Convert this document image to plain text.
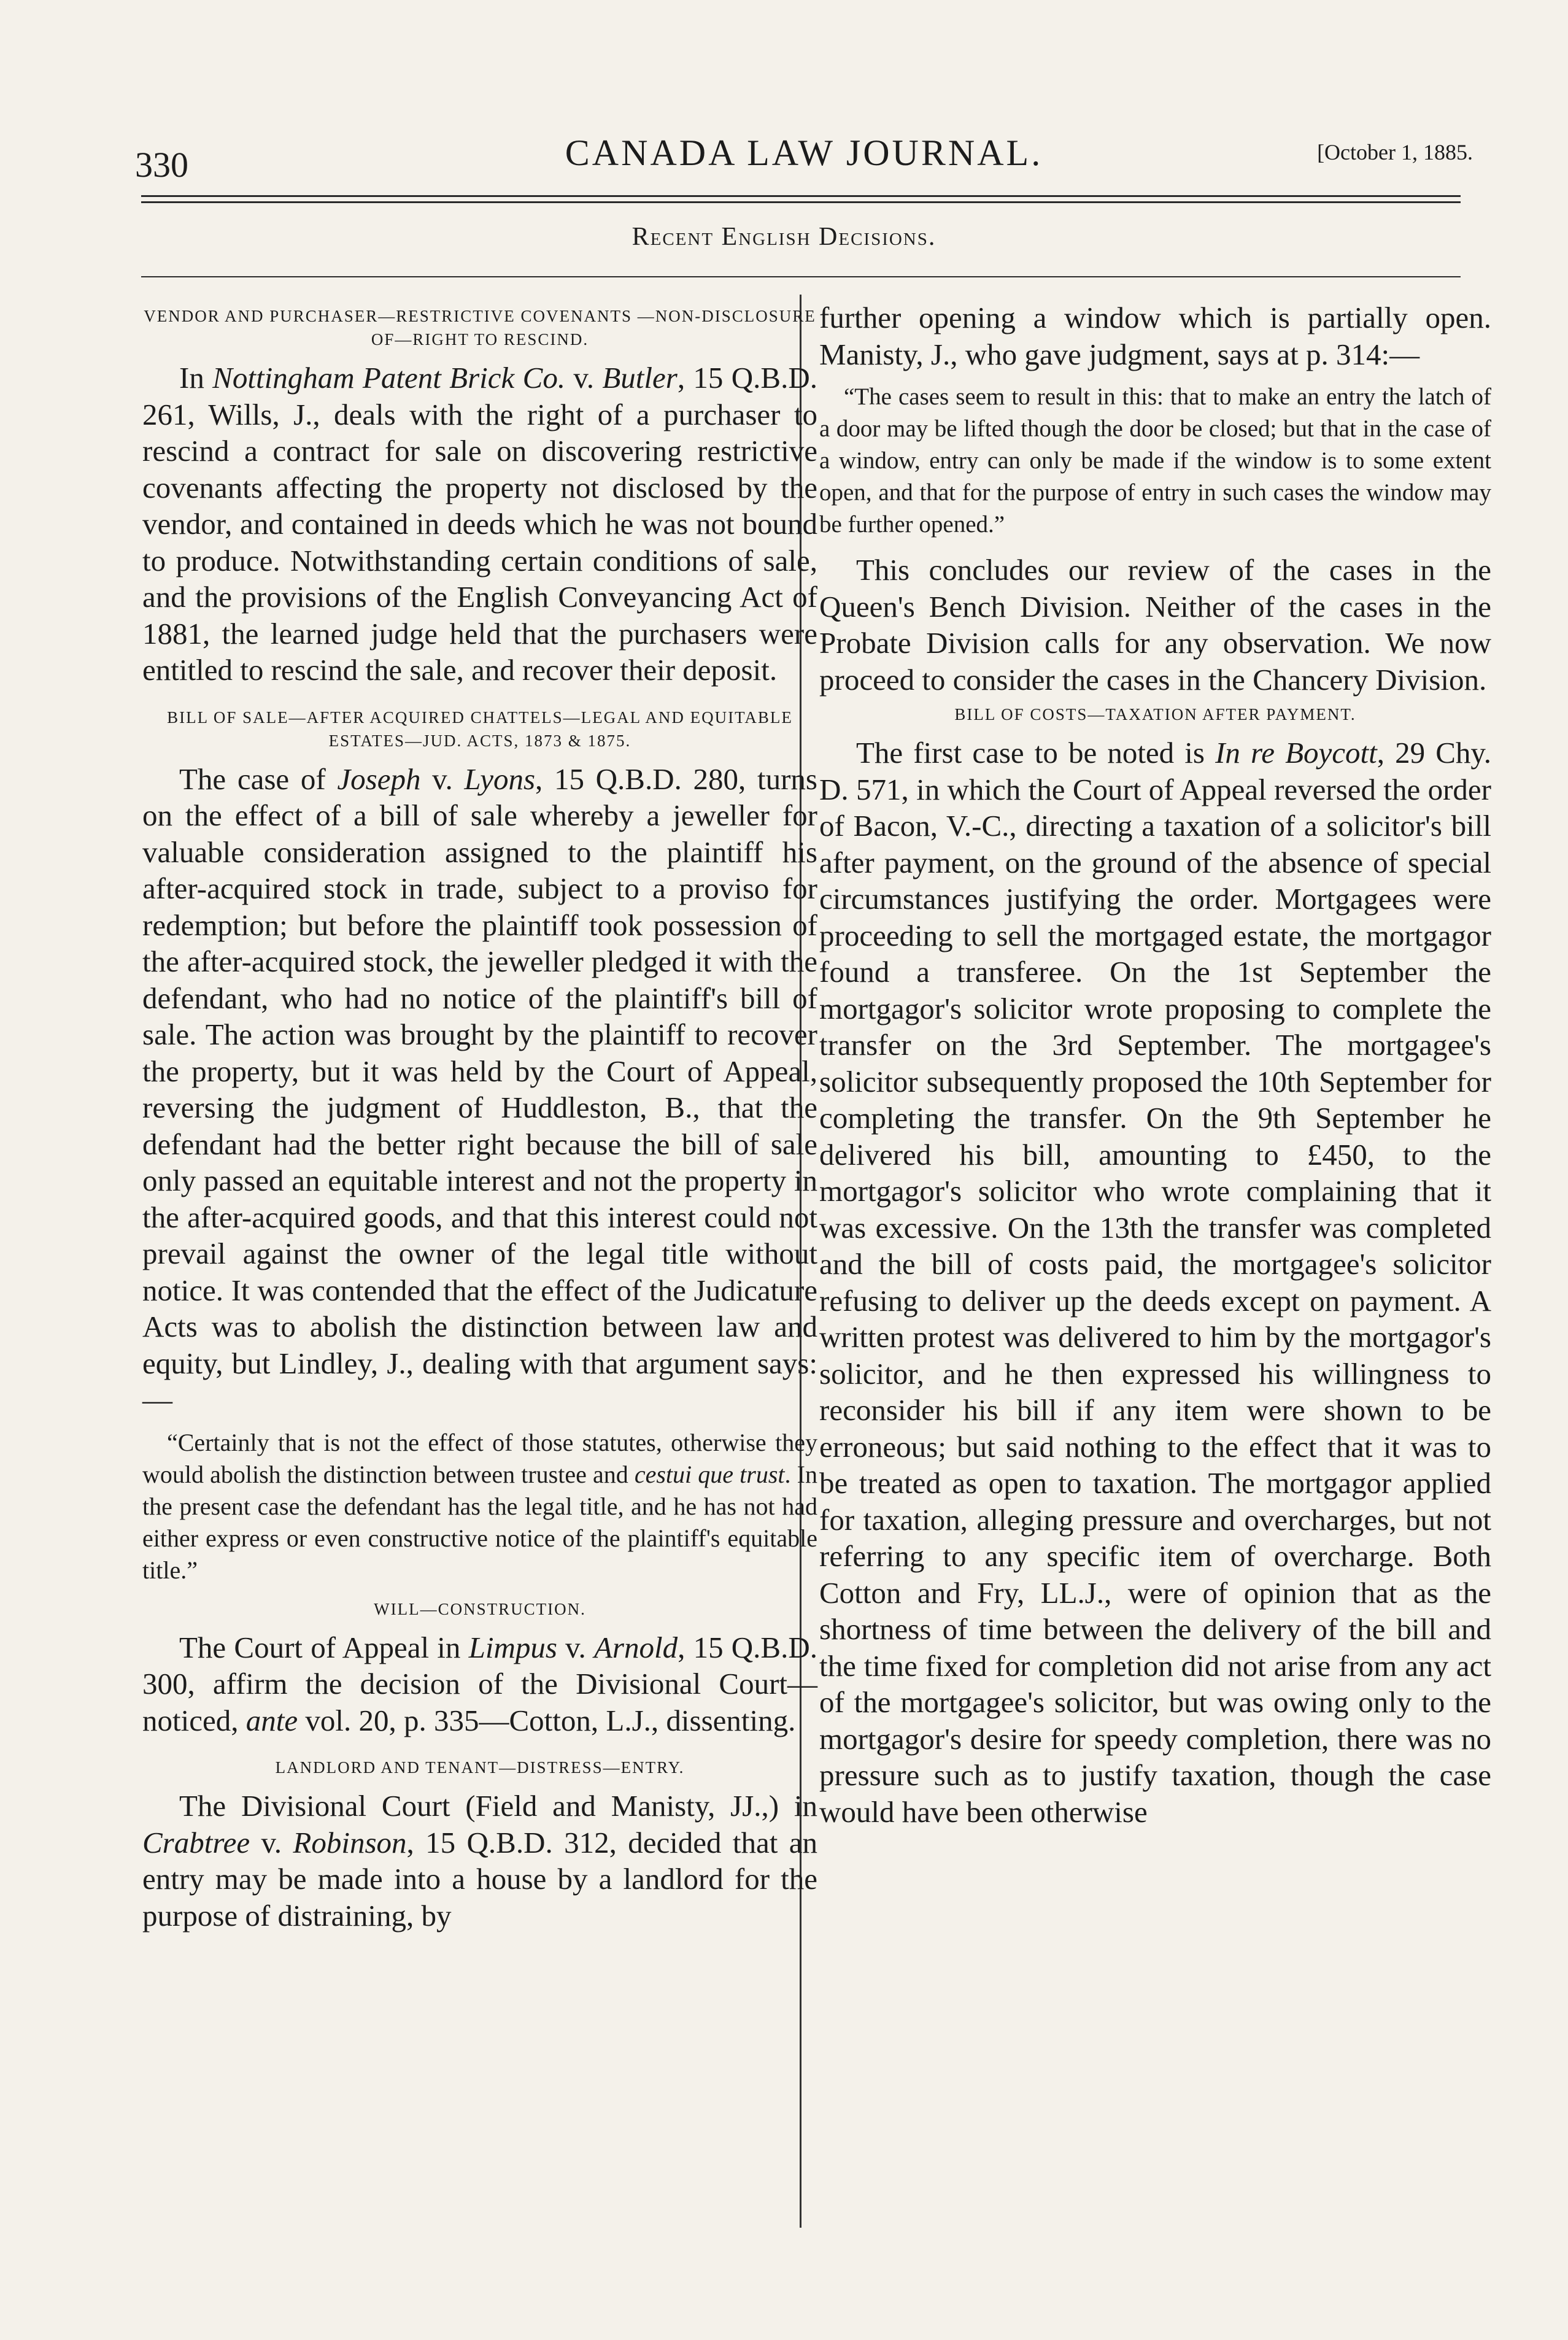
330	CANADA LAW JOURNAL.	[October 1, 1885.
Recent English Decisions.
VENDOR AND PURCHASER—RESTRICTIVE COVENANTS —NON-DISCLOSURE OF—RIGHT TO RESCIND.

In Nottingham Patent Brick Co. v. Butler, 15 Q.B.D. 261, Wills, J., deals with the right of a purchaser to rescind a contract for sale on discovering restrictive covenants affecting the property not disclosed by the vendor, and contained in deeds which he was not bound to produce. Notwithstanding certain conditions of sale, and the provisions of the English Conveyancing Act of 1881, the learned judge held that the purchasers were entitled to rescind the sale, and recover their deposit.

BILL OF SALE—AFTER ACQUIRED CHATTELS—LEGAL AND EQUITABLE ESTATES—JUD. ACTS, 1873 & 1875.

The case of Joseph v. Lyons, 15 Q.B.D. 280, turns on the effect of a bill of sale whereby a jeweller for valuable consideration assigned to the plaintiff his after-acquired stock in trade, subject to a proviso for redemption; but before the plaintiff took possession of the after-acquired stock, the jeweller pledged it with the defendant, who had no notice of the plaintiff's bill of sale. The action was brought by the plaintiff to recover the property, but it was held by the Court of Appeal, reversing the judgment of Huddleston, B., that the defendant had the better right because the bill of sale only passed an equitable interest and not the property in the after-acquired goods, and that this interest could not prevail against the owner of the legal title without notice. It was contended that the effect of the Judicature Acts was to abolish the distinction between law and equity, but Lindley, J., dealing with that argument says:—

“Certainly that is not the effect of those statutes, otherwise they would abolish the distinction between trustee and cestui que trust. In the present case the defendant has the legal title, and he has not had either express or even constructive notice of the plaintiff's equitable title.”

WILL—CONSTRUCTION.

The Court of Appeal in Limpus v. Arnold, 15 Q.B.D. 300, affirm the decision of the Divisional Court—noticed, ante vol. 20, p. 335—Cotton, L.J., dissenting.

LANDLORD AND TENANT—DISTRESS—ENTRY.

The Divisional Court (Field and Manisty, JJ.,) in Crabtree v. Robinson, 15 Q.B.D. 312, decided that an entry may be made into a house by a landlord for the purpose of distraining, by

further opening a window which is partially open. Manisty, J., who gave judgment, says at p. 314:—

“The cases seem to result in this: that to make an entry the latch of a door may be lifted though the door be closed; but that in the case of a window, entry can only be made if the window is to some extent open, and that for the purpose of entry in such cases the window may be further opened.”

This concludes our review of the cases in the Queen's Bench Division. Neither of the cases in the Probate Division calls for any observation. We now proceed to consider the cases in the Chancery Division.

BILL OF COSTS—TAXATION AFTER PAYMENT.

The first case to be noted is In re Boycott, 29 Chy. D. 571, in which the Court of Appeal reversed the order of Bacon, V.-C., directing a taxation of a solicitor's bill after payment, on the ground of the absence of special circumstances justifying the order. Mortgagees were proceeding to sell the mortgaged estate, the mortgagor found a transferee. On the 1st September the mortgagor's solicitor wrote proposing to complete the transfer on the 3rd September. The mortgagee's solicitor subsequently proposed the 10th September for completing the transfer. On the 9th September he delivered his bill, amounting to £450, to the mortgagor's solicitor who wrote complaining that it was excessive. On the 13th the transfer was completed and the bill of costs paid, the mortgagee's solicitor refusing to deliver up the deeds except on payment. A written protest was delivered to him by the mortgagor's solicitor, and he then expressed his willingness to reconsider his bill if any item were shown to be erroneous; but said nothing to the effect that it was to be treated as open to taxation. The mortgagor applied for taxation, alleging pressure and overcharges, but not referring to any specific item of overcharge. Both Cotton and Fry, LL.J., were of opinion that as the shortness of time between the delivery of the bill and the time fixed for completion did not arise from any act of the mortgagee's solicitor, but was owing only to the mortgagor's desire for speedy completion, there was no pressure such as to justify taxation, though the case would have been otherwise
